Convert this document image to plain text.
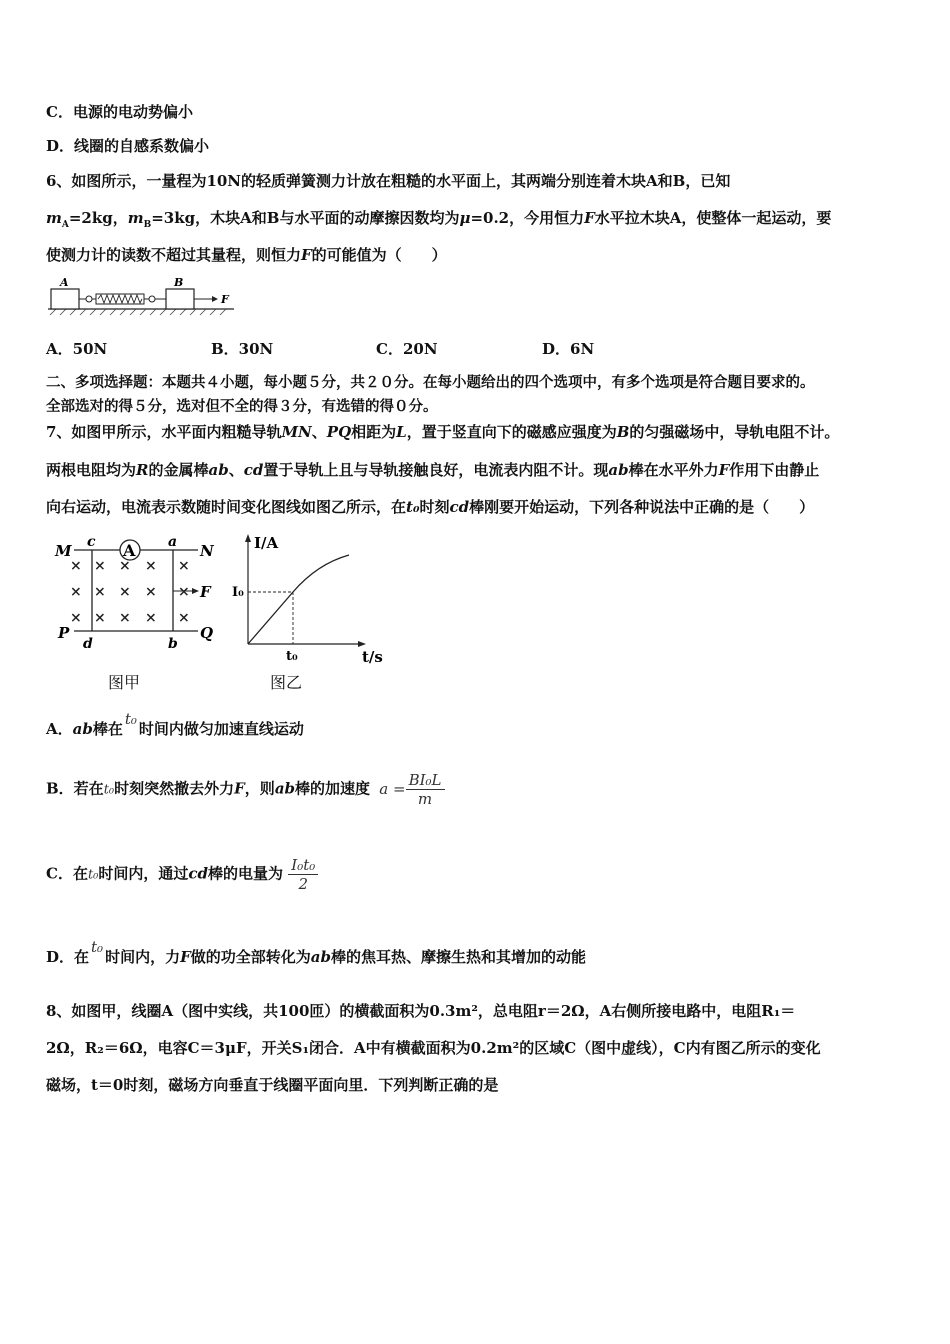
C．电源的电动势偏小
D．线圈的自感系数偏小
6、如图所示，一量程为10N的轻质弹簧测力计放在粗糙的水平面上，其两端分别连着木块A和B，已知
$m_A=2kg$，$m_B=3kg$，木块A和B与水平面的动摩擦因数均为μ=0.2，今用恒力F水平拉木块A，使整体一起运动，要
使测力计的读数不超过其量程，则恒力F的可能值为（　　）
A	B
F
A．50N	B．30N	C．20N	D．6N
二、多项选择题：本题共４小题，每小题５分，共２０分。在每小题给出的四个选项中，有多个选项是符合题目要求的。
全部选对的得５分，选对但不全的得３分，有选错的得０分。
7、如图甲所示，水平面内粗糙导轨MN、PQ相距为L，置于竖直向下的磁感应强度为B的匀强磁场中，导轨电阻不计。
两根电阻均为R的金属棒ab、cd置于导轨上且与导轨接触良好，电流表内阻不计。现ab棒在水平外力F作用下由静止
向右运动，电流表示数随时间变化图线如图乙所示，在t₀时刻cd棒刚要开始运动，下列各种说法中正确的是（　　）
A
M	N
P	Q
c	a
d	b
× × × × ×
× × × × ×
× × × × ×
F
图甲
I/A
t/s
I₀
t₀
图乙
A．ab棒在t₀时间内做匀加速直线运动
B．若在t₀时刻突然撤去外力F，则ab棒的加速度 $a = \frac{\text{BI₀L}}{m}$
C．在t₀时间内，通过cd棒的电量为 $\frac{\text{I₀t₀}}{2}$
D．在t₀时间内，力F做的功全部转化为ab棒的焦耳热、摩擦生热和其增加的动能
8、如图甲，线圈A（图中实线，共100匝）的横截面积为0.3m²，总电阻r＝2Ω，A右侧所接电路中，电阻R₁＝
2Ω，R₂＝6Ω，电容C＝3μF，开关S₁闭合．A中有横截面积为0.2m²的区域C（图中虚线），C内有图乙所示的变化
磁场，t＝0时刻，磁场方向垂直于线圈平面向里．下列判断正确的是
